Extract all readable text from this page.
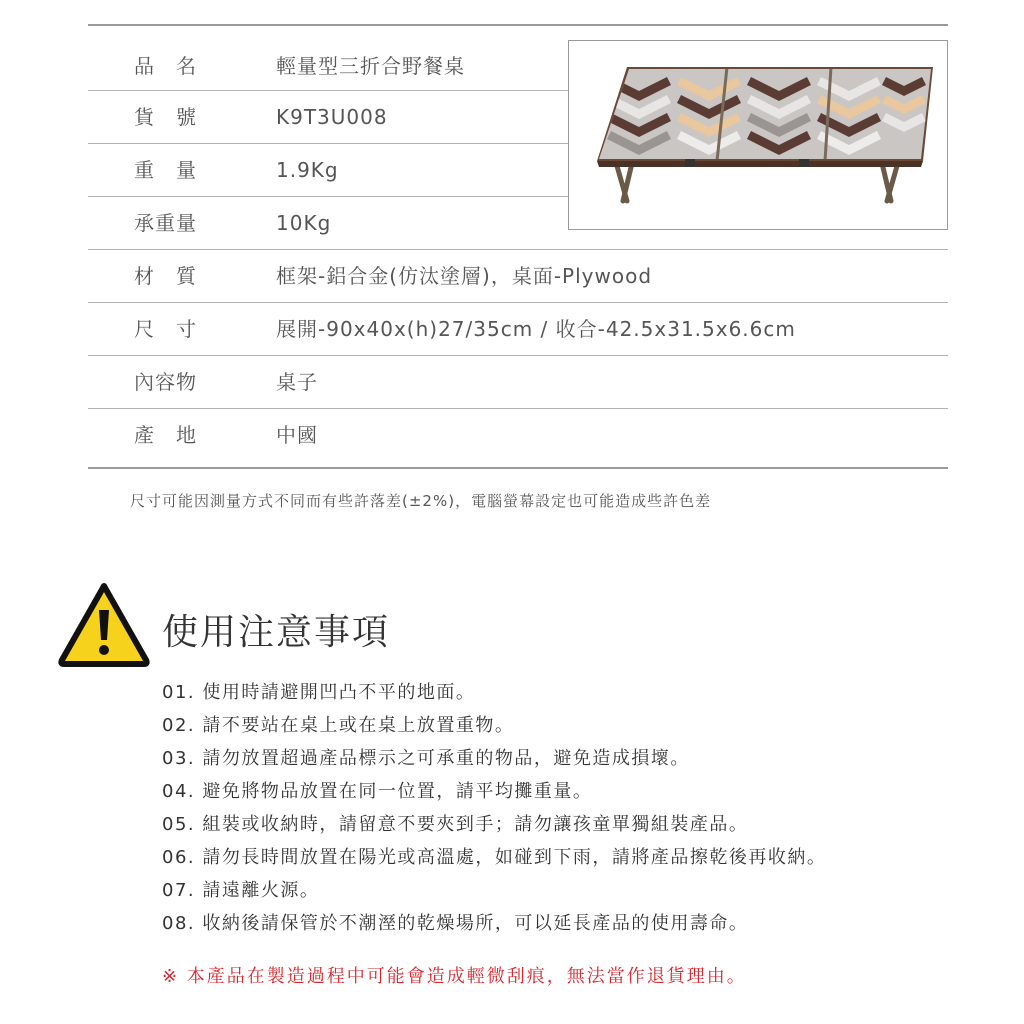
品　名	輕量型三折合野餐桌
貨　號	K9T3U008
重　量	1.9Kg
承重量	10Kg
材　質	框架-鋁合金(仿汰塗層)，桌面-Plywood
尺　寸	展開-90x40x(h)27/35cm / 收合-42.5x31.5x6.6cm
內容物	桌子
產　地	中國
尺寸可能因測量方式不同而有些許落差(±2%)，電腦螢幕設定也可能造成些許色差
使用注意事項
01. 使用時請避開凹凸不平的地面。
02. 請不要站在桌上或在桌上放置重物。
03. 請勿放置超過產品標示之可承重的物品，避免造成損壞。
04. 避免將物品放置在同一位置，請平均攤重量。
05. 組裝或收納時，請留意不要夾到手；請勿讓孩童單獨組裝產品。
06. 請勿長時間放置在陽光或高溫處，如碰到下雨，請將產品擦乾後再收納。
07. 請遠離火源。
08. 收納後請保管於不潮溼的乾燥場所，可以延長產品的使用壽命。
※ 本產品在製造過程中可能會造成輕微刮痕，無法當作退貨理由。
